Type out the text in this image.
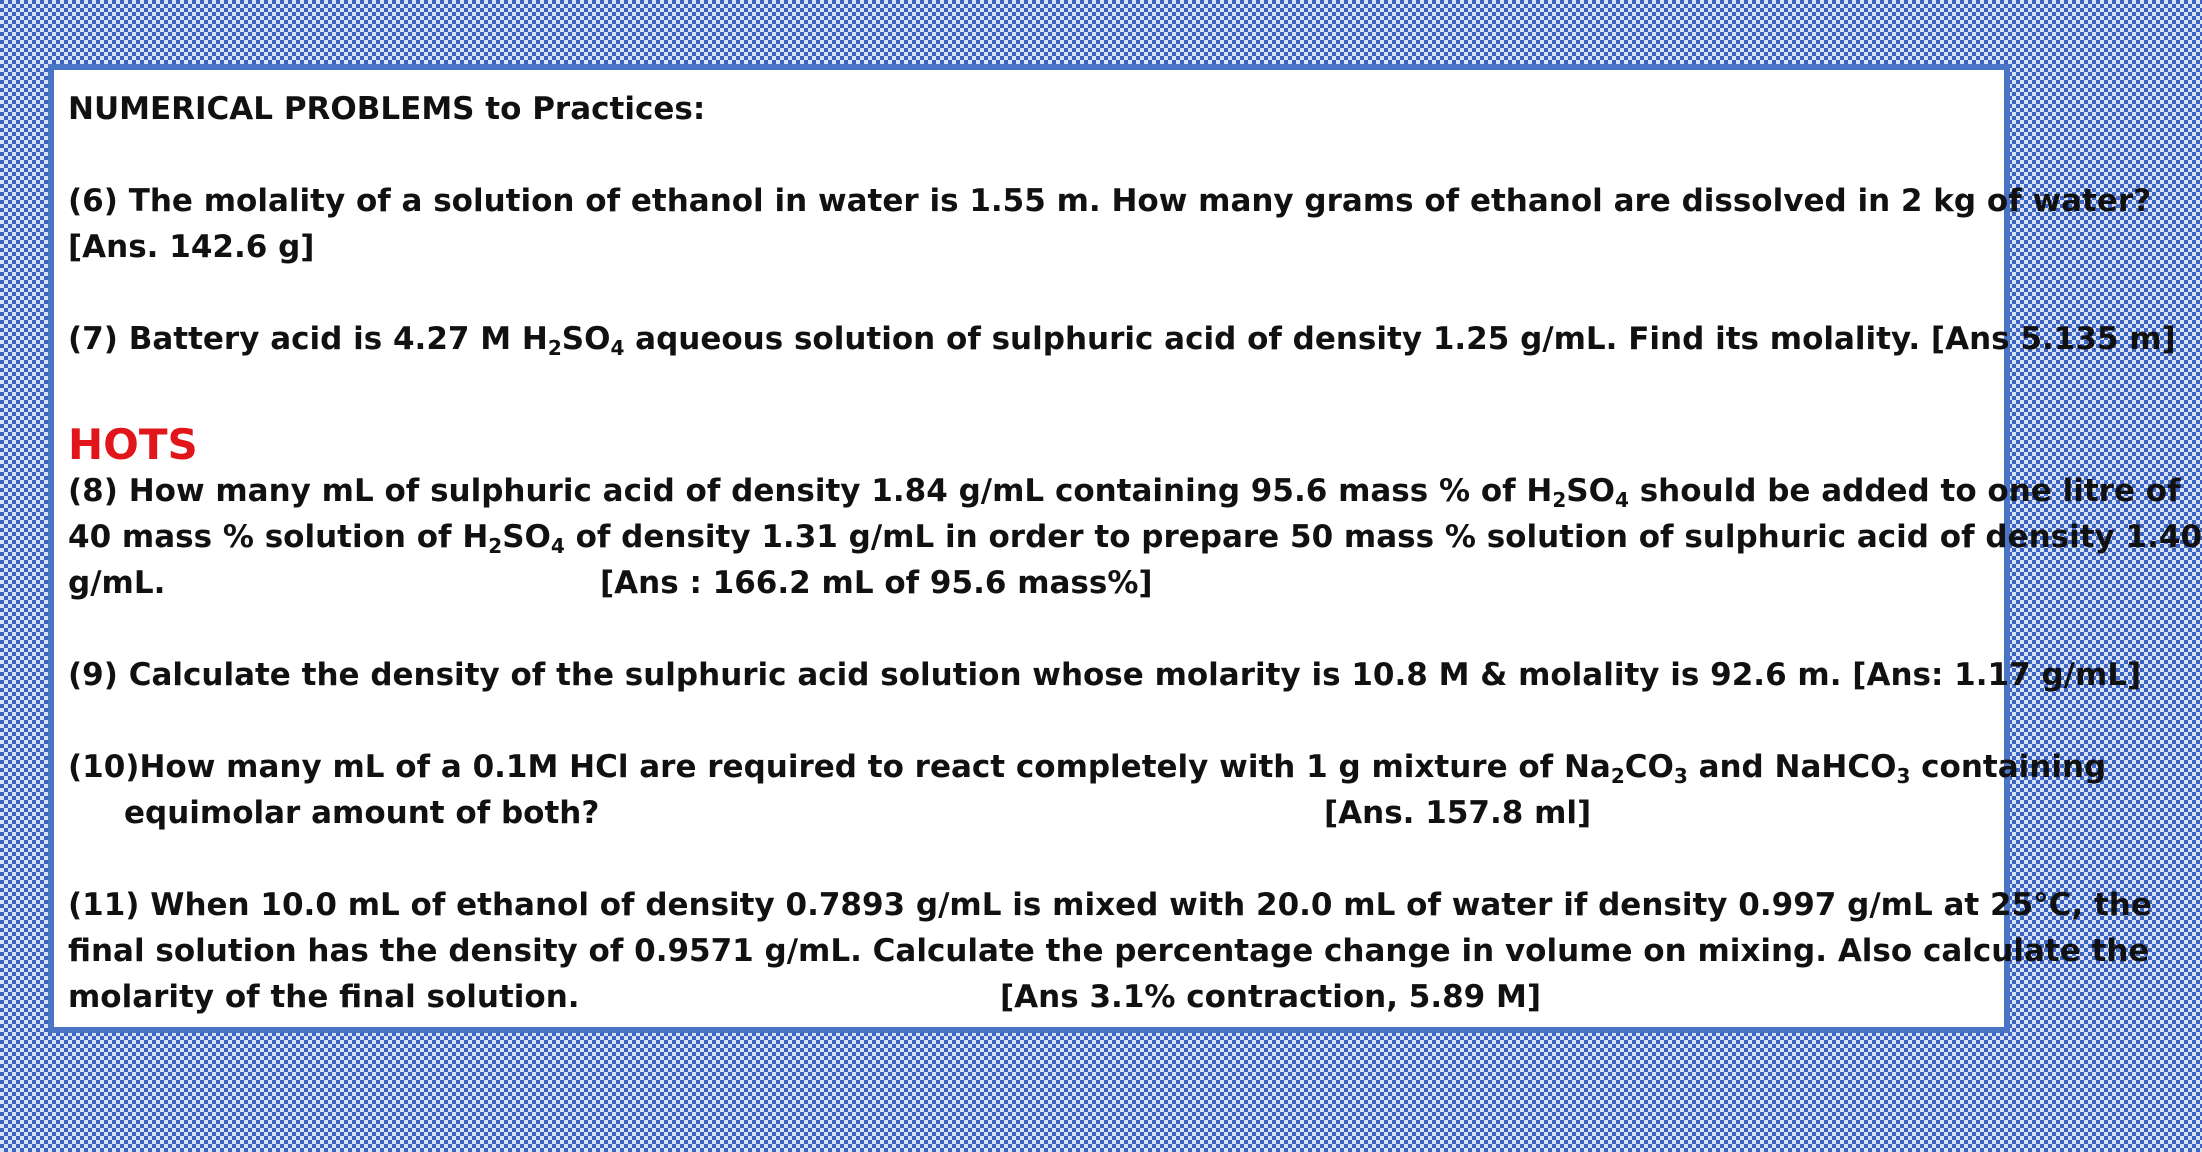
NUMERICAL PROBLEMS to Practices:
(6) The molality of a solution of ethanol in water is 1.55 m. How many grams of ethanol are dissolved in 2 kg of water?
[Ans. 142.6 g]
(7) Battery acid is 4.27 M $H_2SO_4$ aqueous solution of sulphuric acid of density 1.25 g/mL. Find its molality. [Ans 5.135 m]
HOTS
(8) How many mL of sulphuric acid of density 1.84 g/mL containing 95.6 mass % of $H_2SO_4$ should be added to one litre of
40 mass % solution of $H_2SO_4$ of density 1.31 g/mL in order to prepare 50 mass % solution of sulphuric acid of density 1.40
g/mL.	[Ans : 166.2 mL of 95.6 mass%]
(9) Calculate the density of the sulphuric acid solution whose molarity is 10.8 M & molality is 92.6 m. [Ans: 1.17 g/mL]
(10)How many mL of a 0.1M HCl are required to react completely with 1 g mixture of $Na_2CO_3$ and NaHCO$_3$ containing
equimolar amount of both?	[Ans. 157.8 ml]
(11) When 10.0 mL of ethanol of density 0.7893 g/mL is mixed with 20.0 mL of water if density 0.997 g/mL at 25°C, the
final solution has the density of 0.9571 g/mL. Calculate the percentage change in volume on mixing. Also calculate the
molarity of the final solution.	[Ans 3.1% contraction, 5.89 M]
